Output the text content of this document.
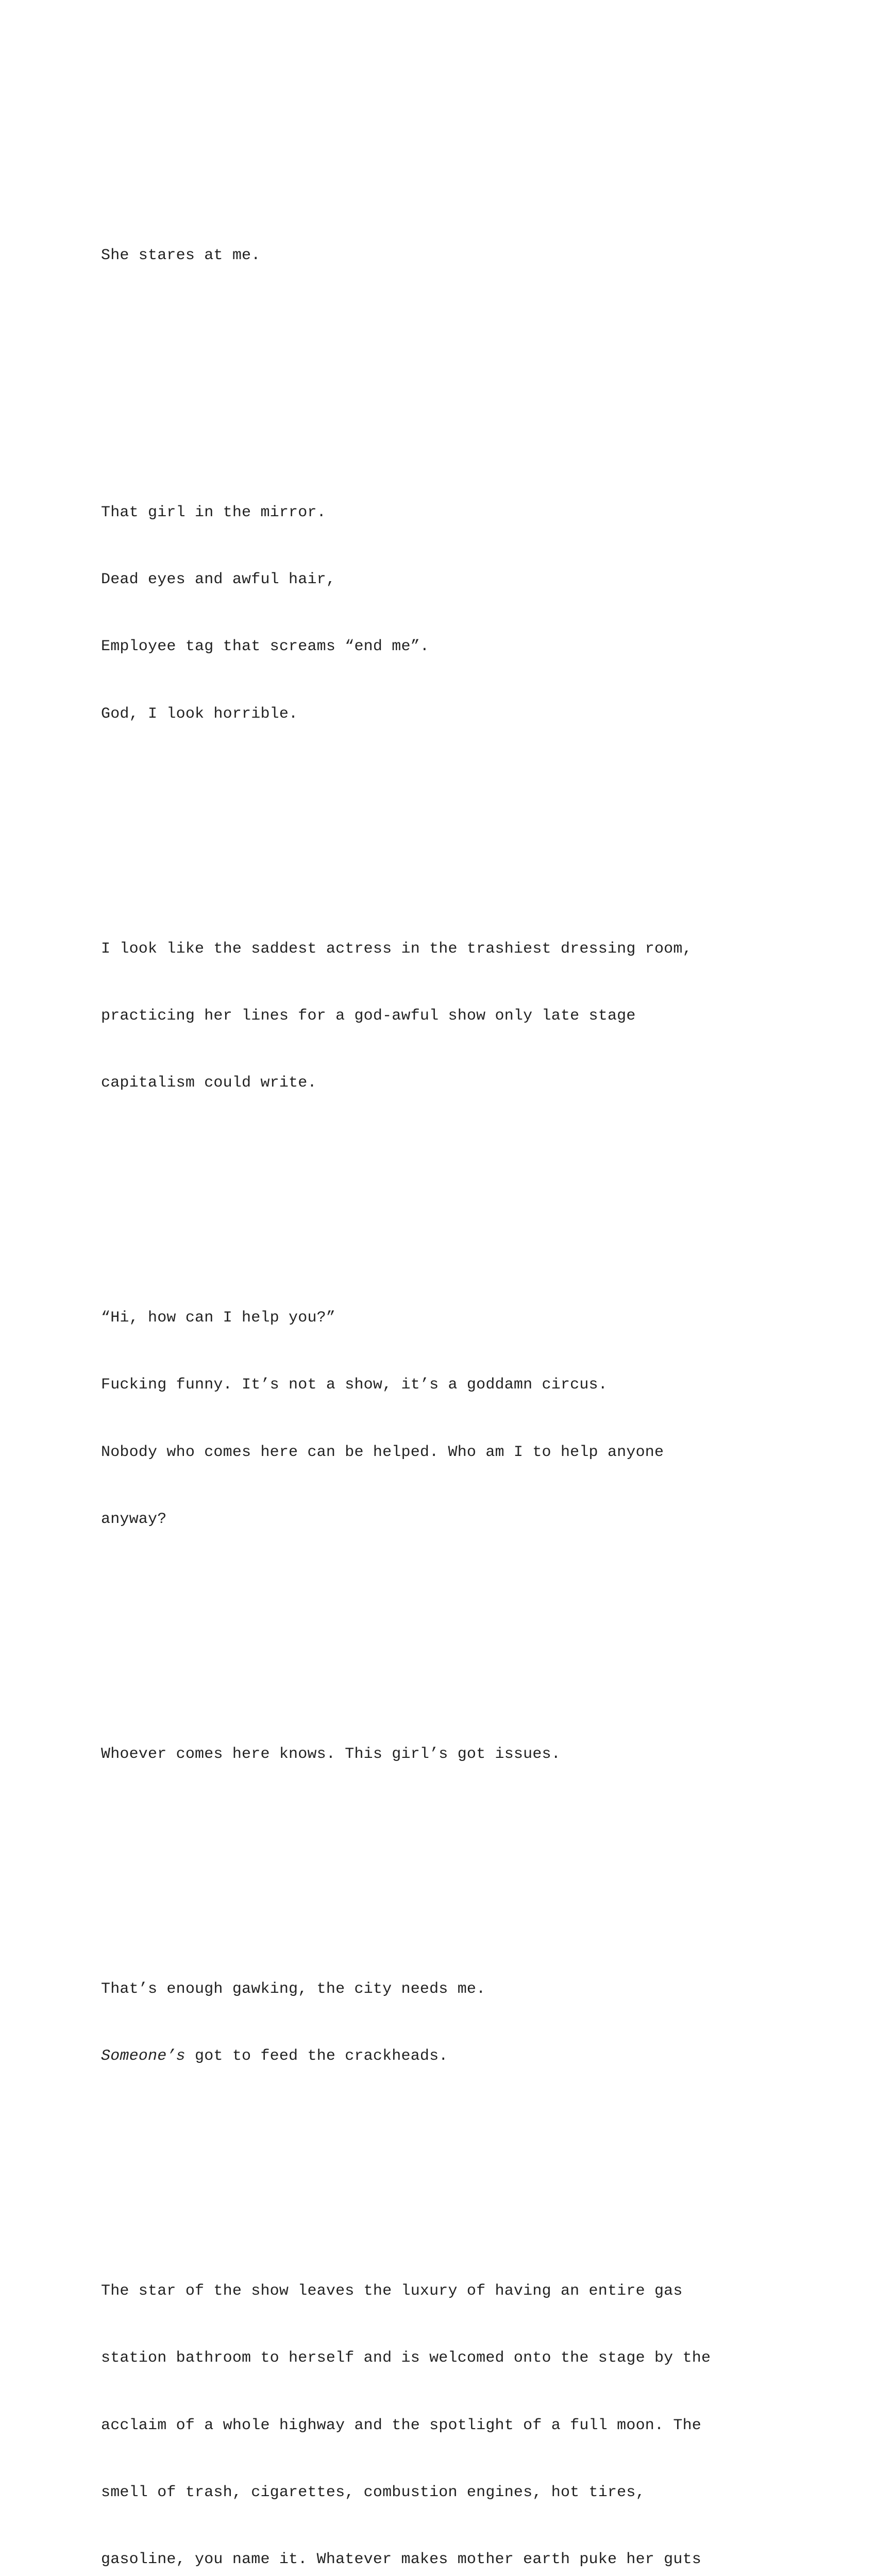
She stares at me.

That girl in the mirror.

Dead eyes and awful hair,

Employee tag that screams “end me”.

God, I look horrible.

I look like the saddest actress in the trashiest dressing room,

practicing her lines for a god-awful show only late stage

capitalism could write.

“Hi, how can I help you?”

Fucking funny. It’s not a show, it’s a goddamn circus.

Nobody who comes here can be helped. Who am I to help anyone

anyway?

Whoever comes here knows. This girl’s got issues.

That’s enough gawking, the city needs me.

Someone’s got to feed the crackheads.

The star of the show leaves the luxury of having an entire gas

station bathroom to herself and is welcomed onto the stage by the

acclaim of a whole highway and the spotlight of a full moon. The

smell of trash, cigarettes, combustion engines, hot tires,

gasoline, you name it. Whatever makes mother earth puke her guts
